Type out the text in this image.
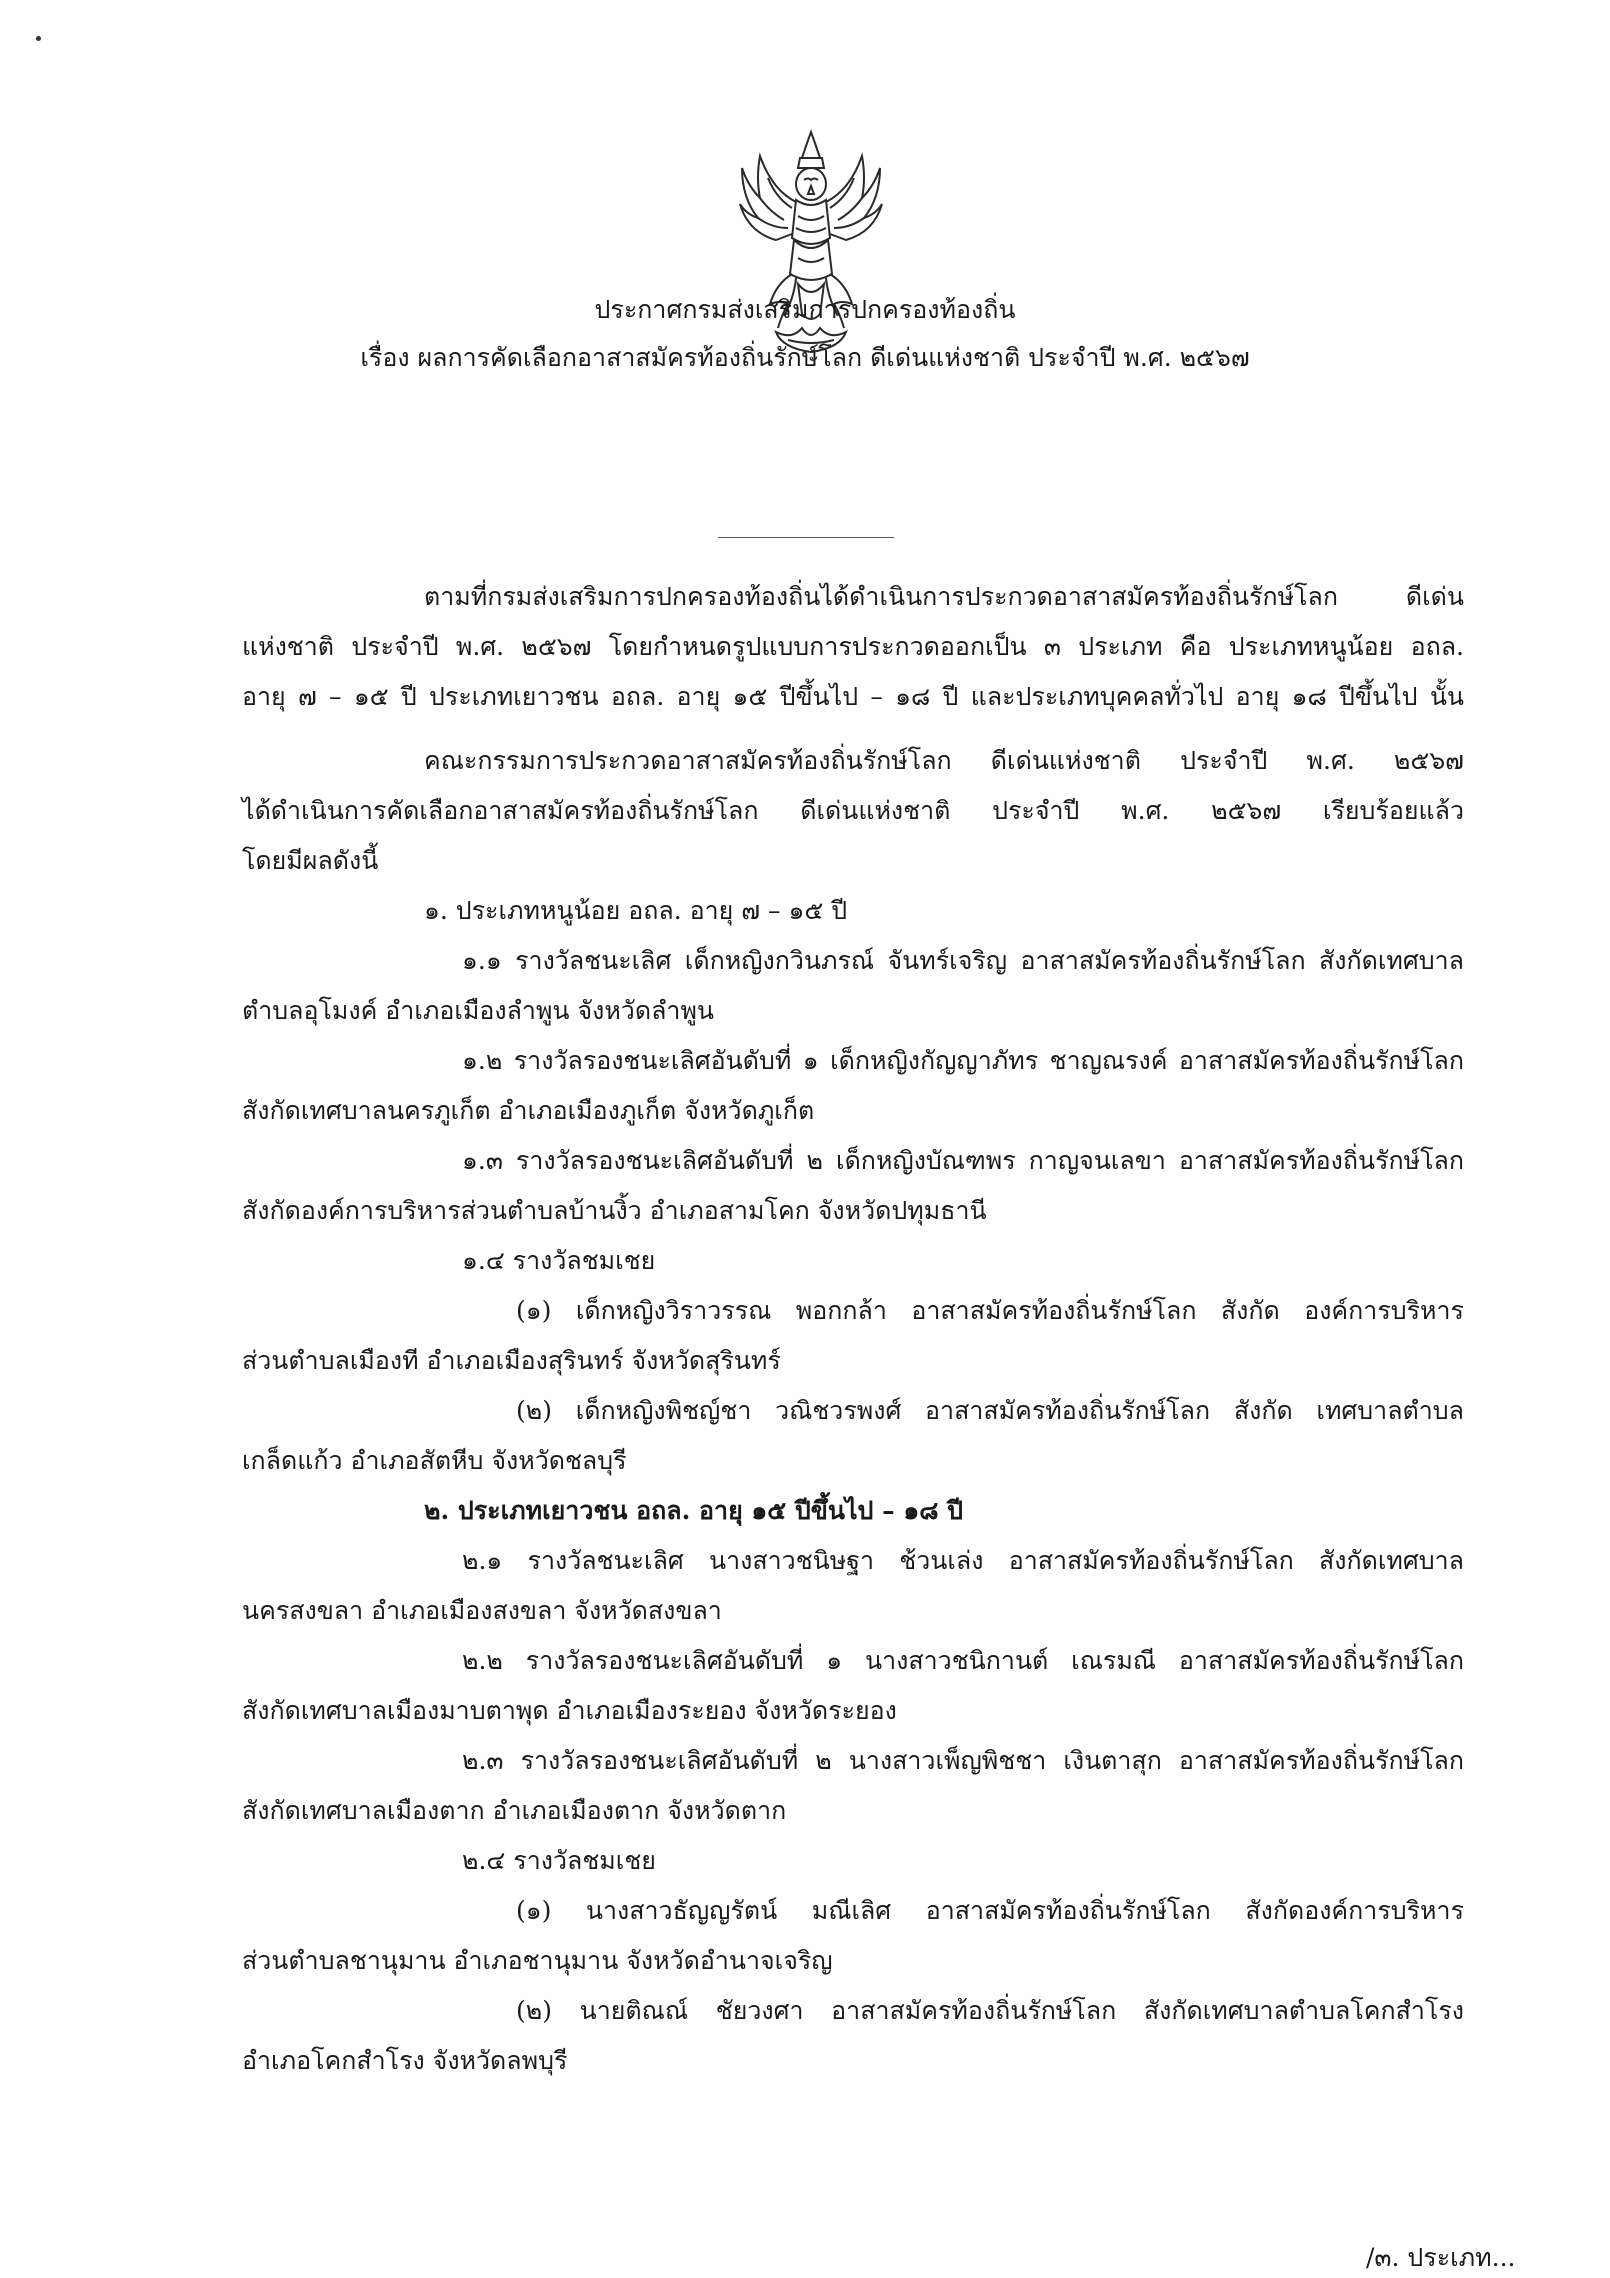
ประกาศกรมส่งเสริมการปกครองท้องถิ่น
เรื่อง ผลการคัดเลือกอาสาสมัครท้องถิ่นรักษ์โลก ดีเด่นแห่งชาติ ประจำปี พ.ศ. ๒๕๖๗
ตามที่กรมส่งเสริมการปกครองท้องถิ่นได้ดำเนินการประกวดอาสาสมัครท้องถิ่นรักษ์โลก ดีเด่น
แห่งชาติ ประจำปี พ.ศ. ๒๕๖๗ โดยกำหนดรูปแบบการประกวดออกเป็น ๓ ประเภท คือ ประเภทหนูน้อย อถล.
อายุ ๗ – ๑๕ ปี ประเภทเยาวชน อถล. อายุ ๑๕ ปีขึ้นไป – ๑๘ ปี และประเภทบุคคลทั่วไป อายุ ๑๘ ปีขึ้นไป นั้น
คณะกรรมการประกวดอาสาสมัครท้องถิ่นรักษ์โลก ดีเด่นแห่งชาติ ประจำปี พ.ศ. ๒๕๖๗
ได้ดำเนินการคัดเลือกอาสาสมัครท้องถิ่นรักษ์โลก ดีเด่นแห่งชาติ ประจำปี พ.ศ. ๒๕๖๗ เรียบร้อยแล้ว
โดยมีผลดังนี้
๑. ประเภทหนูน้อย อถล. อายุ ๗ – ๑๕ ปี
๑.๑ รางวัลชนะเลิศ เด็กหญิงกวินภรณ์ จันทร์เจริญ อาสาสมัครท้องถิ่นรักษ์โลก สังกัดเทศบาล
ตำบลอุโมงค์ อำเภอเมืองลำพูน จังหวัดลำพูน
๑.๒ รางวัลรองชนะเลิศอันดับที่ ๑ เด็กหญิงกัญญาภัทร ชาญณรงค์ อาสาสมัครท้องถิ่นรักษ์โลก
สังกัดเทศบาลนครภูเก็ต อำเภอเมืองภูเก็ต จังหวัดภูเก็ต
๑.๓ รางวัลรองชนะเลิศอันดับที่ ๒ เด็กหญิงบัณฑพร กาญจนเลขา อาสาสมัครท้องถิ่นรักษ์โลก
สังกัดองค์การบริหารส่วนตำบลบ้านงิ้ว อำเภอสามโคก จังหวัดปทุมธานี
๑.๔ รางวัลชมเชย
(๑) เด็กหญิงวิราวรรณ พอกกล้า อาสาสมัครท้องถิ่นรักษ์โลก สังกัด องค์การบริหาร
ส่วนตำบลเมืองที อำเภอเมืองสุรินทร์ จังหวัดสุรินทร์
(๒) เด็กหญิงพิชญ์ชา วณิชวรพงศ์ อาสาสมัครท้องถิ่นรักษ์โลก สังกัด เทศบาลตำบล
เกล็ดแก้ว อำเภอสัตหีบ จังหวัดชลบุรี
๒. ประเภทเยาวชน อถล. อายุ ๑๕ ปีขึ้นไป – ๑๘ ปี
๒.๑ รางวัลชนะเลิศ นางสาวชนิษฐา ช้วนเล่ง อาสาสมัครท้องถิ่นรักษ์โลก สังกัดเทศบาล
นครสงขลา อำเภอเมืองสงขลา จังหวัดสงขลา
๒.๒ รางวัลรองชนะเลิศอันดับที่ ๑ นางสาวชนิกานต์ เณรมณี อาสาสมัครท้องถิ่นรักษ์โลก
สังกัดเทศบาลเมืองมาบตาพุด อำเภอเมืองระยอง จังหวัดระยอง
๒.๓ รางวัลรองชนะเลิศอันดับที่ ๒ นางสาวเพ็ญพิชชา เงินตาสุก อาสาสมัครท้องถิ่นรักษ์โลก
สังกัดเทศบาลเมืองตาก อำเภอเมืองตาก จังหวัดตาก
๒.๔ รางวัลชมเชย
(๑) นางสาวธัญญรัตน์ มณีเลิศ อาสาสมัครท้องถิ่นรักษ์โลก สังกัดองค์การบริหาร
ส่วนตำบลชานุมาน อำเภอชานุมาน จังหวัดอำนาจเจริญ
(๒) นายติณณ์ ชัยวงศา อาสาสมัครท้องถิ่นรักษ์โลก สังกัดเทศบาลตำบลโคกสำโรง
อำเภอโคกสำโรง จังหวัดลพบุรี
/๓. ประเภท...
